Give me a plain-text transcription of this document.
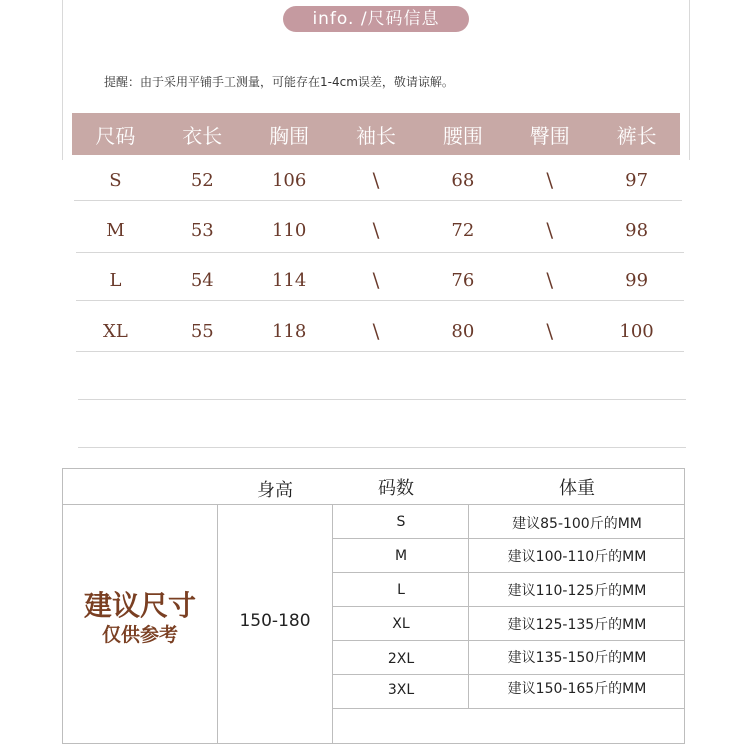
info. /尺码信息
提醒：由于采用平铺手工测量，可能存在1-4cm误差，敬请谅解。
尺码	衣长	胸围	袖长	腰围	臀围	裤长
S	52	106	\	68	\	97
M	53	110	\	72	\	98
L	54	114	\	76	\	99
XL	55	118	\	80	\	100
身高	码数	体重
建议尺寸
仅供参考
150-180
S	建议85-100斤的MM
M	建议100-110斤的MM
L	建议110-125斤的MM
XL	建议125-135斤的MM
2XL	建议135-150斤的MM
3XL	建议150-165斤的MM
